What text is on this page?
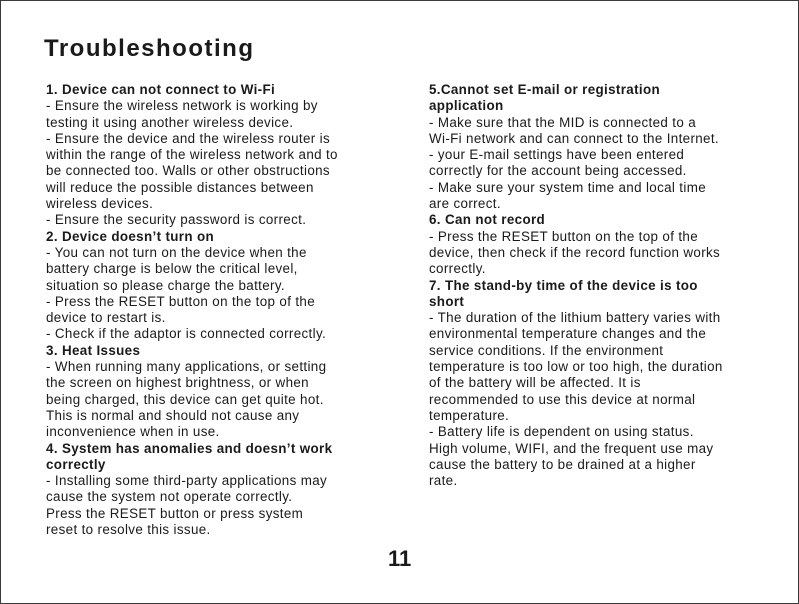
Troubleshooting

1. Device can not connect to Wi-Fi

- Ensure the wireless network is working by

testing it using another wireless device.

- Ensure the device and the wireless router is

within the range of the wireless network and to

be connected too. Walls or other obstructions

will reduce the possible distances between

wireless devices.

- Ensure the security password is correct.

2. Device doesn’t turn on

- You can not turn on the device when the

battery charge is below the critical level,

situation so please charge the battery.

- Press the RESET button on the top of the

device to restart is.

- Check if the adaptor is connected correctly.

3. Heat Issues

- When running many applications, or setting

the screen on highest brightness, or when

being charged, this device can get quite hot.

This is normal and should not cause any

inconvenience when in use.

4. System has anomalies and doesn’t work

correctly

- Installing some third-party applications may

cause the system not operate correctly.

Press the RESET button or press system

reset to resolve this issue.

5.Cannot set E-mail or registration

application

- Make sure that the MID is connected to a

Wi-Fi network and can connect to the Internet.

- your E-mail settings have been entered

correctly for the account being accessed.

- Make sure your system time and local time

are correct.

6. Can not record

- Press the RESET button on the top of the

device, then check if the record function works

correctly.

7. The stand-by time of the device is too

short

- The duration of the lithium battery varies with

environmental temperature changes and the

service conditions. If the environment

temperature is too low or too high, the duration

of the battery will be affected. It is

recommended to use this device at normal

temperature.

- Battery life is dependent on using status.

High volume, WIFI, and the frequent use may

cause the battery to be drained at a higher

rate.

11
